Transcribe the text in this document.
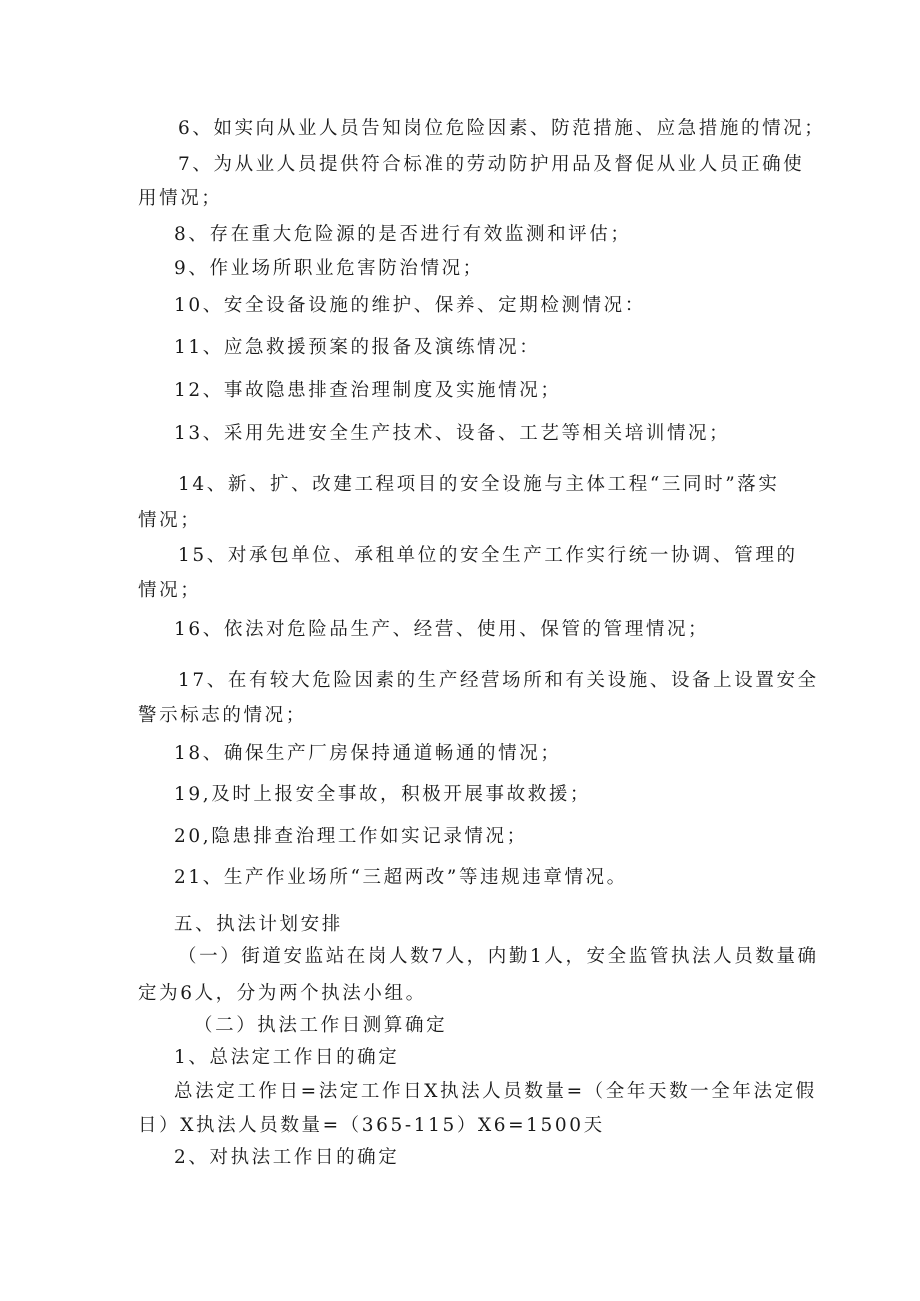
6、如实向从业人员告知岗位危险因素、防范措施、应急措施的情况；
7、为从业人员提供符合标准的劳动防护用品及督促从业人员正确使
用情况；
8、存在重大危险源的是否进行有效监测和评估；
9、作业场所职业危害防治情况；
10、安全设备设施的维护、保养、定期检测情况：
11、应急救援预案的报备及演练情况：
12、事故隐患排查治理制度及实施情况；
13、采用先进安全生产技术、设备、工艺等相关培训情况；
14、新、扩、改建工程项目的安全设施与主体工程“三同时”落实
情况；
15、对承包单位、承租单位的安全生产工作实行统一协调、管理的
情况；
16、依法对危险品生产、经营、使用、保管的管理情况；
17、在有较大危险因素的生产经营场所和有关设施、设备上设置安全
警示标志的情况；
18、确保生产厂房保持通道畅通的情况；
19,及时上报安全事故，积极开展事故救援；
20,隐患排查治理工作如实记录情况；
21、生产作业场所“三超两改”等违规违章情况。
五、执法计划安排
（一）街道安监站在岗人数7人，内勤1人，安全监管执法人员数量确
定为6人，分为两个执法小组。
（二）执法工作日测算确定
1、总法定工作日的确定
总法定工作日=法定工作日X执法人员数量=（全年天数一全年法定假
日）X执法人员数量=（365-115）X6=1500天
2、对执法工作日的确定
